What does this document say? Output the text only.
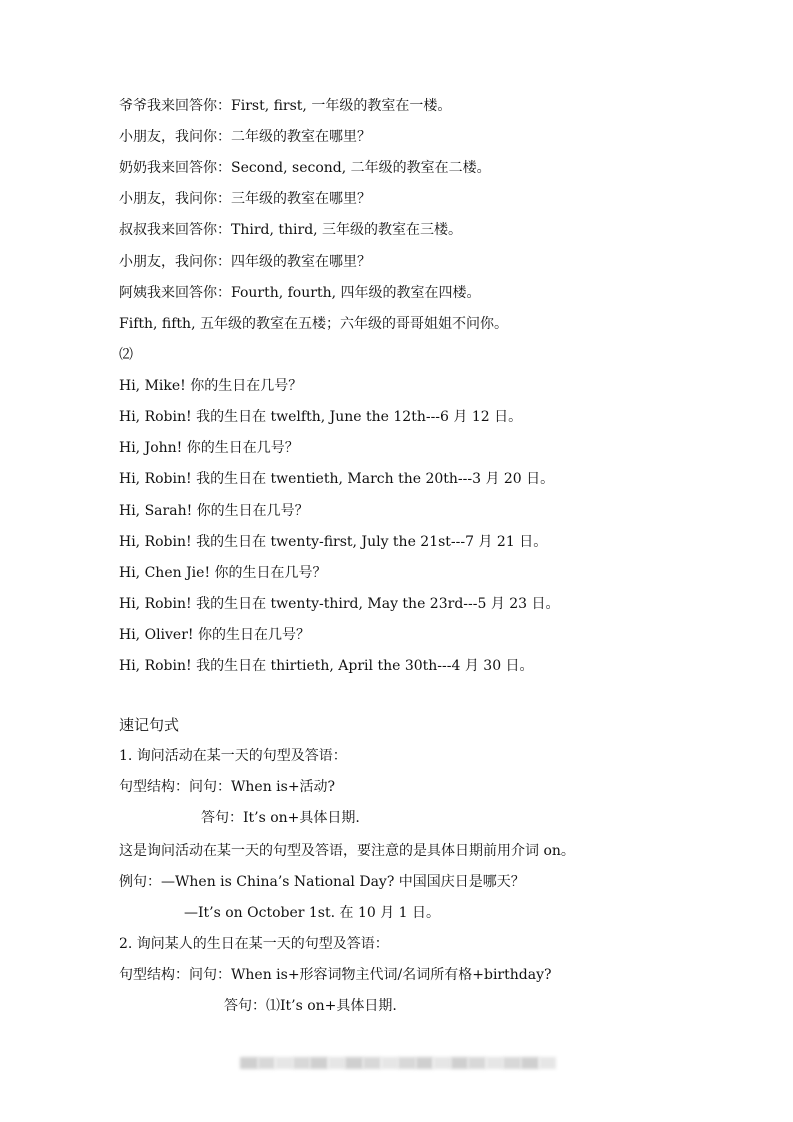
爷爷我来回答你：First, first, 一年级的教室在一楼。
小朋友，我问你：二年级的教室在哪里？
奶奶我来回答你：Second, second, 二年级的教室在二楼。
小朋友，我问你：三年级的教室在哪里？
叔叔我来回答你：Third, third, 三年级的教室在三楼。
小朋友，我问你：四年级的教室在哪里？
阿姨我来回答你：Fourth, fourth, 四年级的教室在四楼。
Fifth, fifth, 五年级的教室在五楼；六年级的哥哥姐姐不问你。
⑵
Hi, Mike! 你的生日在几号？
Hi, Robin! 我的生日在 twelfth, June the 12th---6 月 12 日。
Hi, John! 你的生日在几号？
Hi, Robin! 我的生日在 twentieth, March the 20th---3 月 20 日。
Hi, Sarah! 你的生日在几号？
Hi, Robin! 我的生日在 twenty-first, July the 21st---7 月 21 日。
Hi, Chen Jie! 你的生日在几号？
Hi, Robin! 我的生日在 twenty-third, May the 23rd---5 月 23 日。
Hi, Oliver! 你的生日在几号？
Hi, Robin! 我的生日在 thirtieth, April the 30th---4 月 30 日。
速记句式
1. 询问活动在某一天的句型及答语：
句型结构：问句：When is+活动?
答句：It’s on+具体日期.
这是询问活动在某一天的句型及答语，要注意的是具体日期前用介词 on。
例句：—When is China’s National Day? 中国国庆日是哪天？
—It’s on October 1st. 在 10 月 1 日。
2. 询问某人的生日在某一天的句型及答语：
句型结构：问句：When is+形容词物主代词/名词所有格+birthday?
答句：⑴It’s on+具体日期.
